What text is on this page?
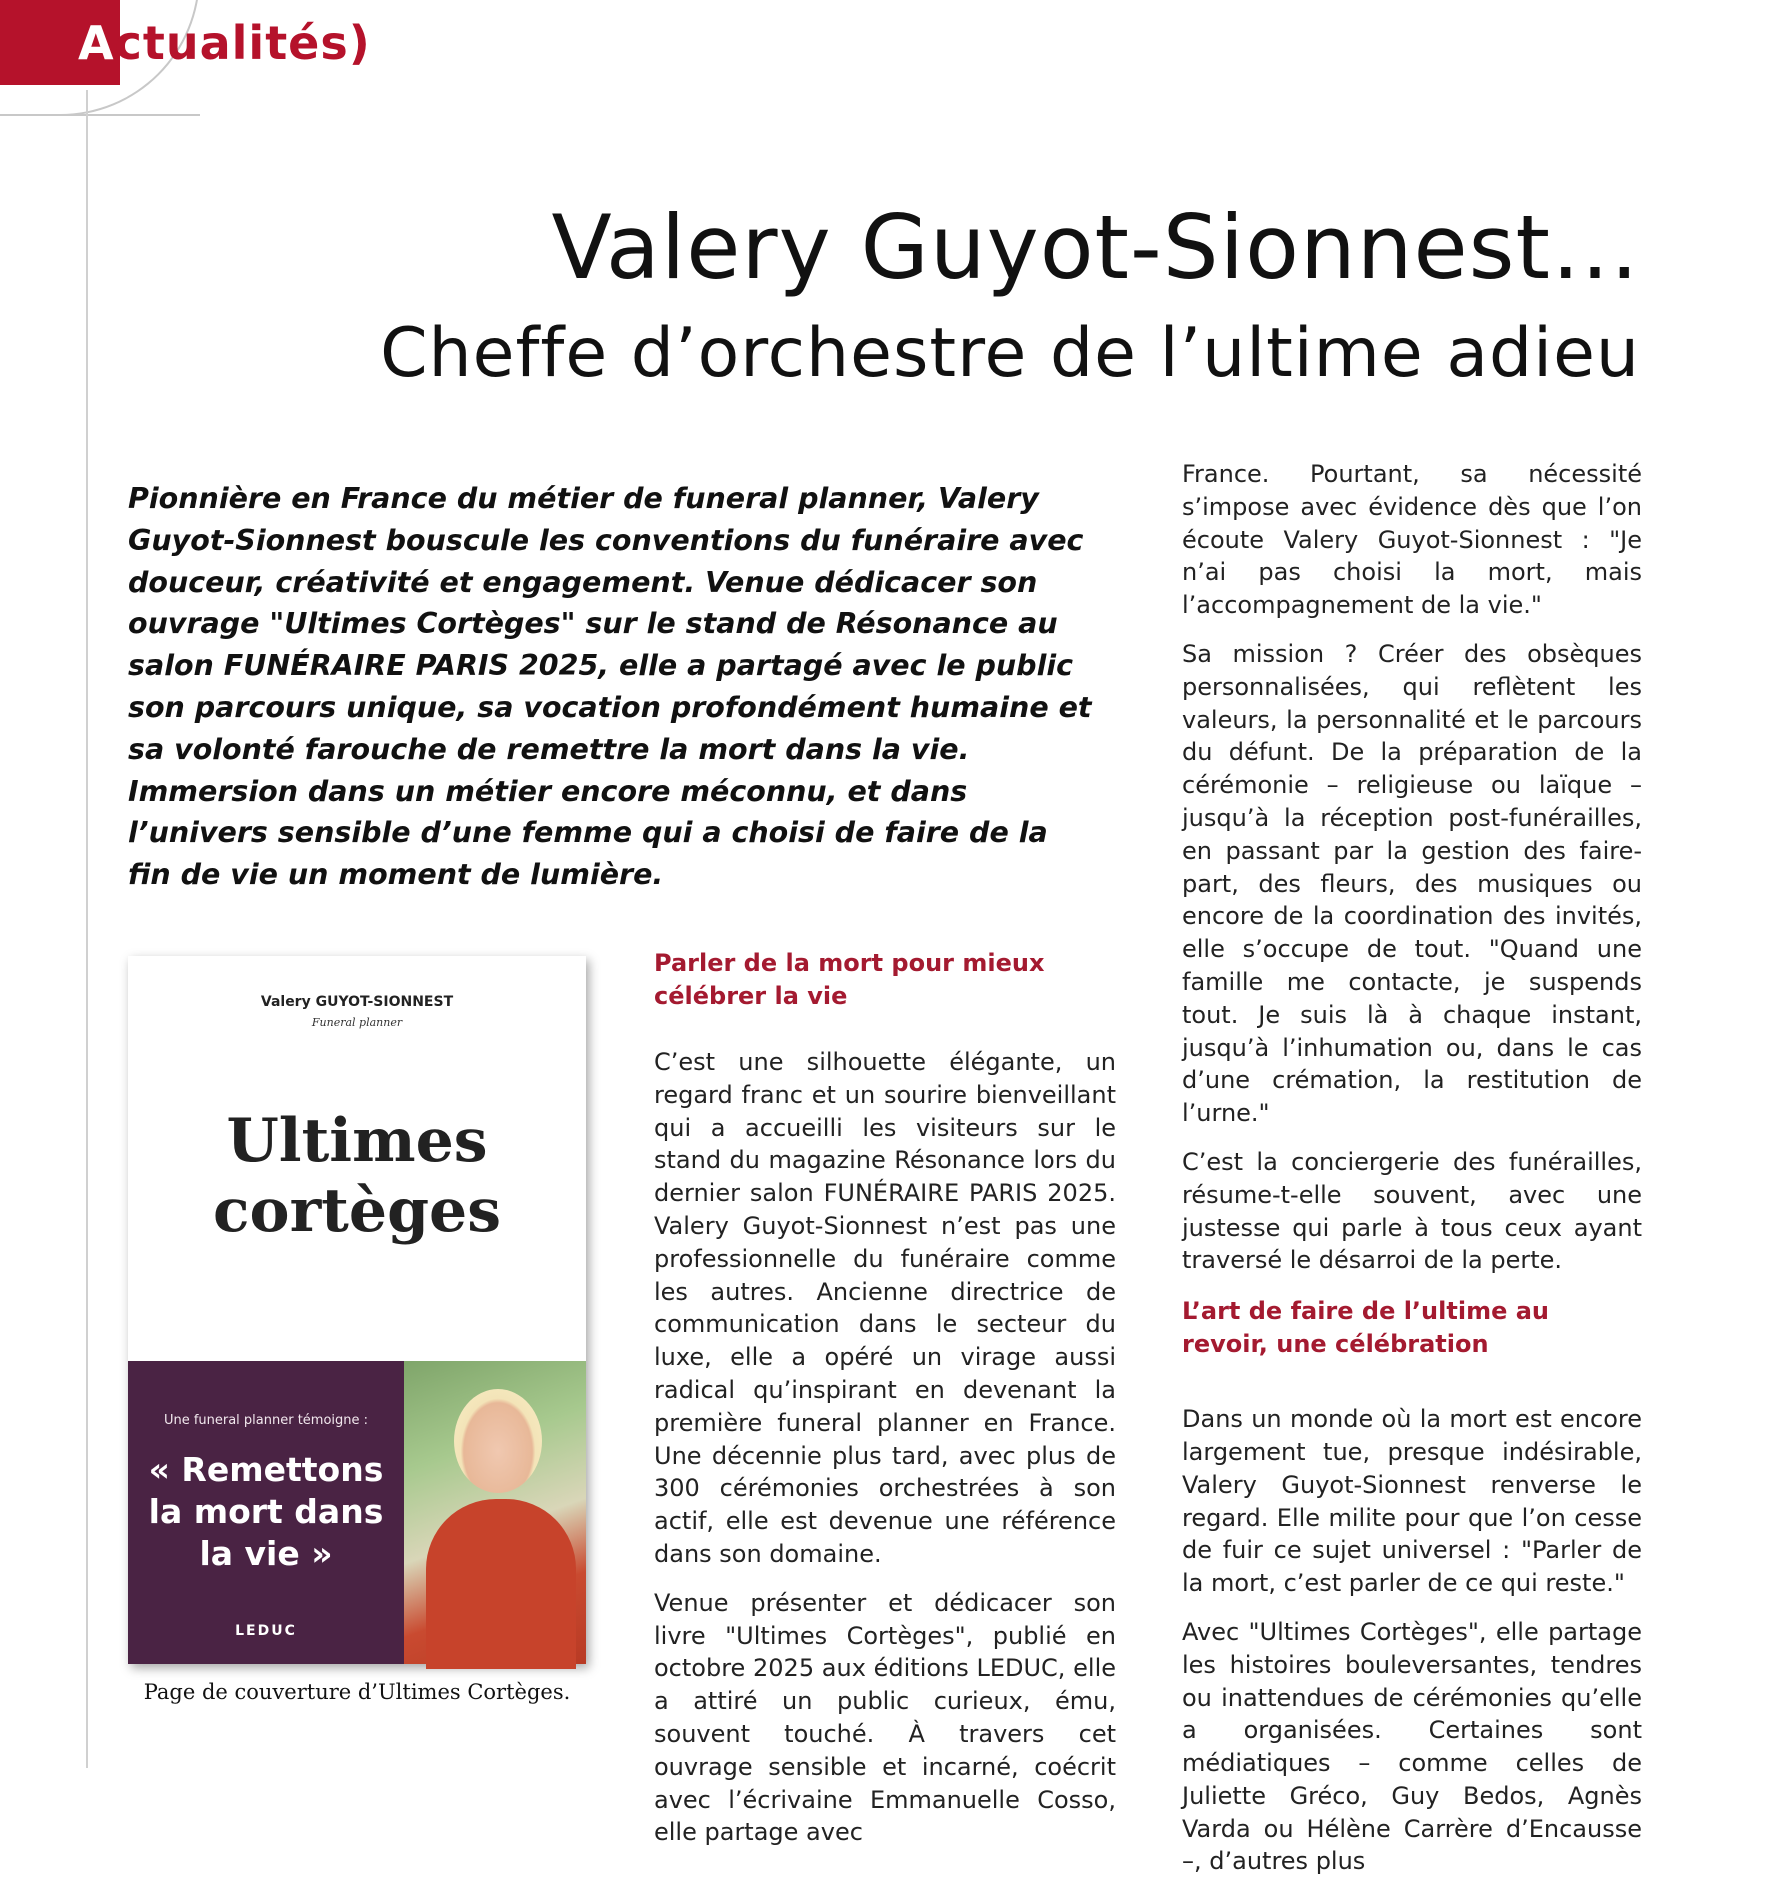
Actualités)
Valery Guyot-Sionnest…
Cheffe d’orchestre de l’ultime adieu

Pionnière en France du métier de funeral planner, Valery Guyot-Sionnest bouscule les conventions du funéraire avec douceur, créativité et engagement. Venue dédicacer son ouvrage "Ultimes Cortèges" sur le stand de Résonance au salon FUNÉRAIRE PARIS 2025, elle a partagé avec le public son parcours unique, sa vocation profondément humaine et sa volonté farouche de remettre la mort dans la vie. Immersion dans un métier encore méconnu, et dans l’univers sensible d’une femme qui a choisi de faire de la fin de vie un moment de lumière.

Valery GUYOT-SIONNEST
Funeral planner
Ultimes
cortèges
Une funeral planner témoigne :
« Remettons la mort dans la vie »
LEDUC
Page de couverture d’Ultimes Cortèges.
Parler de la mort pour mieux célébrer la vie

C’est une silhouette élégante, un regard franc et un sourire bienveillant qui a accueilli les visiteurs sur le stand du magazine Résonance lors du dernier salon FUNÉRAIRE PARIS 2025. Valery Guyot-Sionnest n’est pas une professionnelle du funéraire comme les autres. Ancienne directrice de communication dans le secteur du luxe, elle a opéré un virage aussi radical qu’inspirant en devenant la première funeral planner en France. Une décennie plus tard, avec plus de 300 cérémonies orchestrées à son actif, elle est devenue une référence dans son domaine.

Venue présenter et dédicacer son livre "Ultimes Cortèges", publié en octobre 2025 aux éditions LEDUC, elle a attiré un public curieux, ému, souvent touché. À travers cet ouvrage sensible et incarné, coécrit avec l’écrivaine Emmanuelle Cosso, elle partage avec

France. Pourtant, sa nécessité s’impose avec évidence dès que l’on écoute Valery Guyot-Sionnest : "Je n’ai pas choisi la mort, mais l’accompagnement de la vie."

Sa mission ? Créer des obsèques personnalisées, qui reflètent les valeurs, la personnalité et le parcours du défunt. De la préparation de la cérémonie – religieuse ou laïque – jusqu’à la réception post-funérailles, en passant par la gestion des faire-part, des fleurs, des musiques ou encore de la coordination des invités, elle s’occupe de tout. "Quand une famille me contacte, je suspends tout. Je suis là à chaque instant, jusqu’à l’inhumation ou, dans le cas d’une crémation, la restitution de l’urne."

C’est la conciergerie des funérailles, résume-t-elle souvent, avec une justesse qui parle à tous ceux ayant traversé le désarroi de la perte.

L’art de faire de l’ultime au revoir, une célébration

Dans un monde où la mort est encore largement tue, presque indésirable, Valery Guyot-Sionnest renverse le regard. Elle milite pour que l’on cesse de fuir ce sujet universel : "Parler de la mort, c’est parler de ce qui reste."

Avec "Ultimes Cortèges", elle partage les histoires bouleversantes, tendres ou inattendues de cérémonies qu’elle a organisées. Certaines sont médiatiques – comme celles de Juliette Gréco, Guy Bedos, Agnès Varda ou Hélène Carrère d’Encausse –, d’autres plus
